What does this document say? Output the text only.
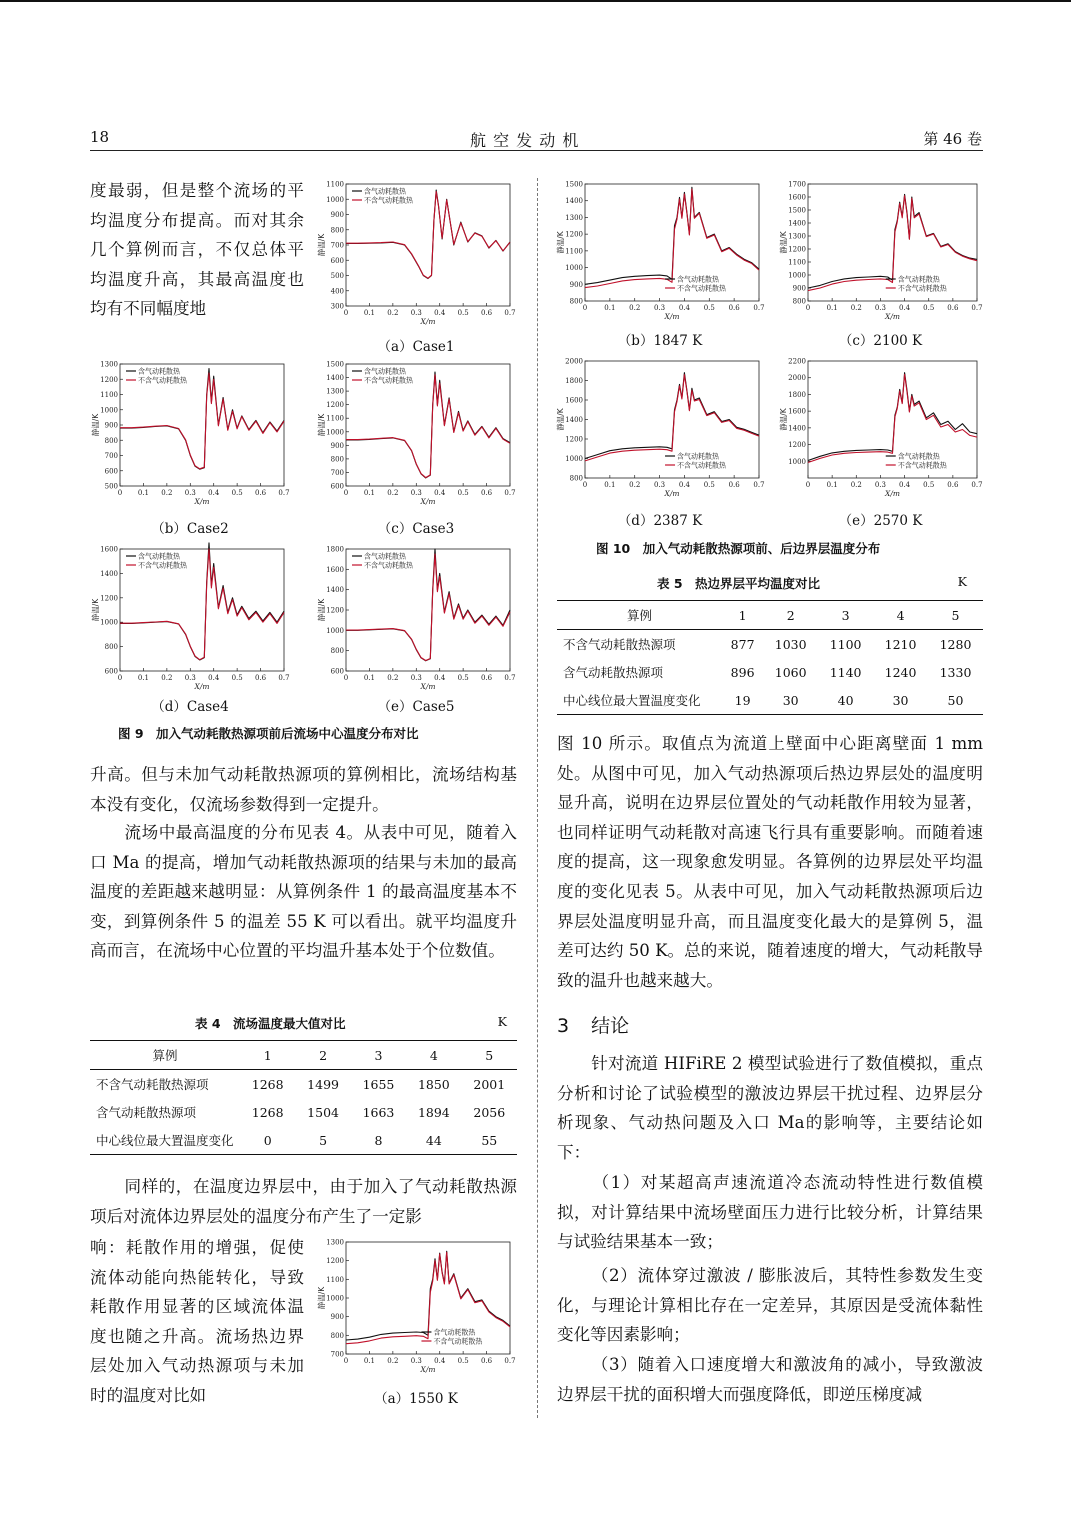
18	航 空 发 动 机	第 46 卷
度最弱，但是整个流场的平均温度分布提高。而对其余几个算例而言，不仅总体平均温度升高，其最高温度也均有不同幅度地	300
400
500
600
700
800
900
1000
1100
0 0.1 0.2 0.3 0.4 0.5 0.6 0.7
X/m
静温/K
含气动耗散热
不含气动耗散热
（a）Case1
500
600
700
800
900
1000
1100
1200
1300
0 0.1 0.2 0.3 0.4 0.5 0.6 0.7
X/m
静温/K
含气动耗散热
不含气动耗散热
（b）Case2
600
700
800
900
1000
1100
1200
1300
1400
1500
0 0.1 0.2 0.3 0.4 0.5 0.6 0.7
X/m
静温/K
含气动耗散热
不含气动耗散热
（c）Case3
600
800
1000
1200
1400
1600
0 0.1 0.2 0.3 0.4 0.5 0.6 0.7
X/m
静温/K
含气动耗散热
不含气动耗散热
（d）Case4
600
800
1000
1200
1400
1600
1800
0 0.1 0.2 0.3 0.4 0.5 0.6 0.7
X/m
静温/K
含气动耗散热
不含气动耗散热
（e）Case5
图 9　加入气动耗散热源项前后流场中心温度分布对比
升高。但与未加气动耗散热源项的算例相比，流场结构基本没有变化，仅流场参数得到一定提升。
流场中最高温度的分布见表 4。从表中可见，随着入口 Ma 的提高，增加气动耗散热源项的结果与未加的最高温度的差距越来越明显：从算例条件 1 的最高温度基本不变，到算例条件 5 的温差 55 K 可以看出。就平均温度升高而言，在流场中心位置的平均温升基本处于个位数值。
表 4　流场温度最大值对比	K
算例	1	2	3	4	5
不含气动耗散热源项	1268	1499	1655	1850	2001
含气动耗散热源项	1268	1504	1663	1894	2056
中心线位最大置温度变化	0	5	8	44	55
同样的，在温度边界层中，由于加入了气动耗散热源项后对流体边界层处的温度分布产生了一定影
响：耗散作用的增强，促使流体动能向热能转化，导致耗散作用显著的区域流体温度也随之升高。流场热边界层处加入气动热源项与未加时的温度对比如
700
800
900
1000
1100
1200
1300
0 0.1 0.2 0.3 0.4 0.5 0.6 0.7
X/m
静温/K
含气动耗散热
不含气动耗散热
（a）1550 K
800
900
1000
1100
1200
1300
1400
1500
0 0.1 0.2 0.3 0.4 0.5 0.6 0.7
X/m
静温/K
含气动耗散热
不含气动耗散热
（b）1847 K
800
900
1000
1100
1200
1300
1400
1500
1600
1700
0 0.1 0.2 0.3 0.4 0.5 0.6 0.7
X/m
静温/K
含气动耗散热
不含气动耗散热
（c）2100 K
800
1000
1200
1400
1600
1800
2000
0 0.1 0.2 0.3 0.4 0.5 0.6 0.7
X/m
静温/K
含气动耗散热
不含气动耗散热
（d）2387 K
1000
1200
1400
1600
1800
2000
2200
0 0.1 0.2 0.3 0.4 0.5 0.6 0.7
X/m
静温/K
含气动耗散热
不含气动耗散热
（e）2570 K
图 10　加入气动耗散热源项前、后边界层温度分布
表 5　热边界层平均温度对比	K
算例	1	2	3	4	5
不含气动耗散热源项	877	1030	1100	1210	1280
含气动耗散热源项	896	1060	1140	1240	1330
中心线位最大置温度变化	19	30	40	30	50
图 10 所示。取值点为流道上壁面中心距离壁面 1 mm 处。从图中可见，加入气动热源项后热边界层处的温度明显升高，说明在边界层位置处的气动耗散作用较为显著，也同样证明气动耗散对高速飞行具有重要影响。而随着速度的提高，这一现象愈发明显。各算例的边界层处平均温度的变化见表 5。从表中可见，加入气动耗散热源项后边界层处温度明显升高，而且温度变化最大的是算例 5，温差可达约 50 K。总的来说，随着速度的增大，气动耗散导致的温升也越来越大。
3 结论
针对流道 HIFiRE 2 模型试验进行了数值模拟，重点分析和讨论了试验模型的激波边界层干扰过程、边界层分析现象、气动热问题及入口 Ma的影响等，主要结论如下：
（1）对某超高声速流道冷态流动特性进行数值模拟，对计算结果中流场壁面压力进行比较分析，计算结果与试验结果基本一致；
（2）流体穿过激波 / 膨胀波后，其特性参数发生变化，与理论计算相比存在一定差异，其原因是受流体黏性变化等因素影响；
（3）随着入口速度增大和激波角的减小，导致激波边界层干扰的面积增大而强度降低，即逆压梯度减
